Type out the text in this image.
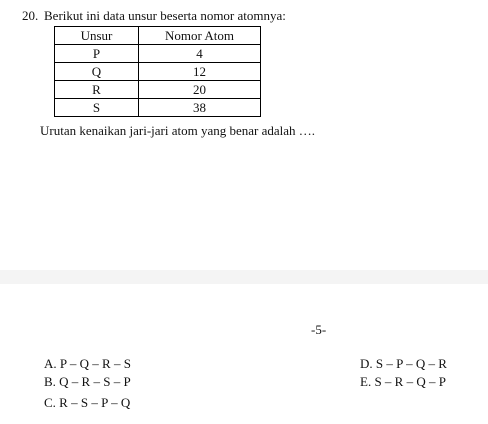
20. Berikut ini data unsur beserta nomor atomnya:
Unsur	Nomor Atom
P	4
Q	12
R	20
S	38
Urutan kenaikan jari-jari atom yang benar adalah ….
-5-
A. P – Q – R – S
B. Q – R – S – P
C. R – S – P – Q
D. S – P – Q – R
E. S – R – Q – P
